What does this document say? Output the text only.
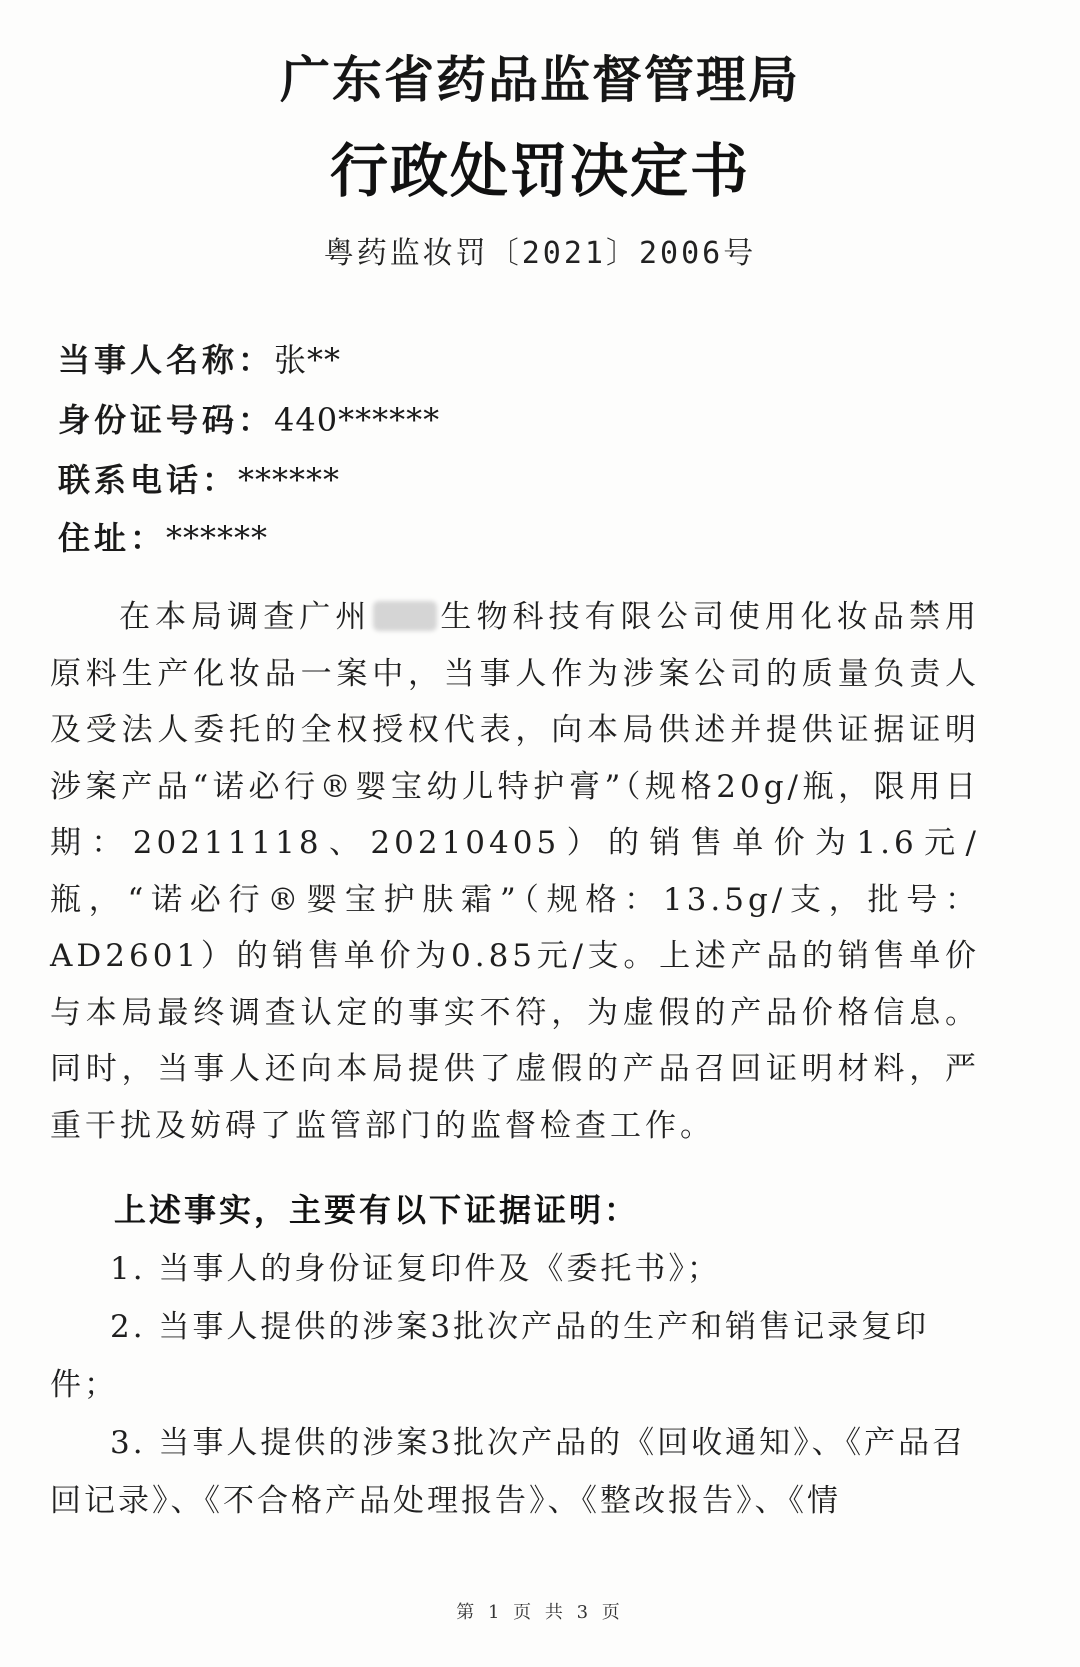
广东省药品监督管理局
行政处罚决定书
粤药监妆罚〔2021〕2006号
当事人名称：张**
身份证号码：440******
联系电话：******
住址：******
在本局调查广州 生物科技有限公司使用化妆品禁用原料生产化妆品一案中，当事人作为涉案公司的质量负责人及受法人委托的全权授权代表，向本局供述并提供证据证明涉案产品“诺必行®婴宝幼儿特护膏”（规格20g/瓶，限用日期：20211118、20210405）的销售单价为1.6元/瓶，“诺必行®婴宝护肤霜”（规格：13.5g/支，批号：AD2601）的销售单价为0.85元/支。上述产品的销售单价与本局最终调查认定的事实不符，为虚假的产品价格信息。同时，当事人还向本局提供了虚假的产品召回证明材料，严重干扰及妨碍了监管部门的监督检查工作。
上述事实，主要有以下证据证明：
1. 当事人的身份证复印件及《委托书》；
2. 当事人提供的涉案3批次产品的生产和销售记录复印件；
3. 当事人提供的涉案3批次产品的《回收通知》、《产品召回记录》、《不合格产品处理报告》、《整改报告》、《情
第 1 页 共 3 页
